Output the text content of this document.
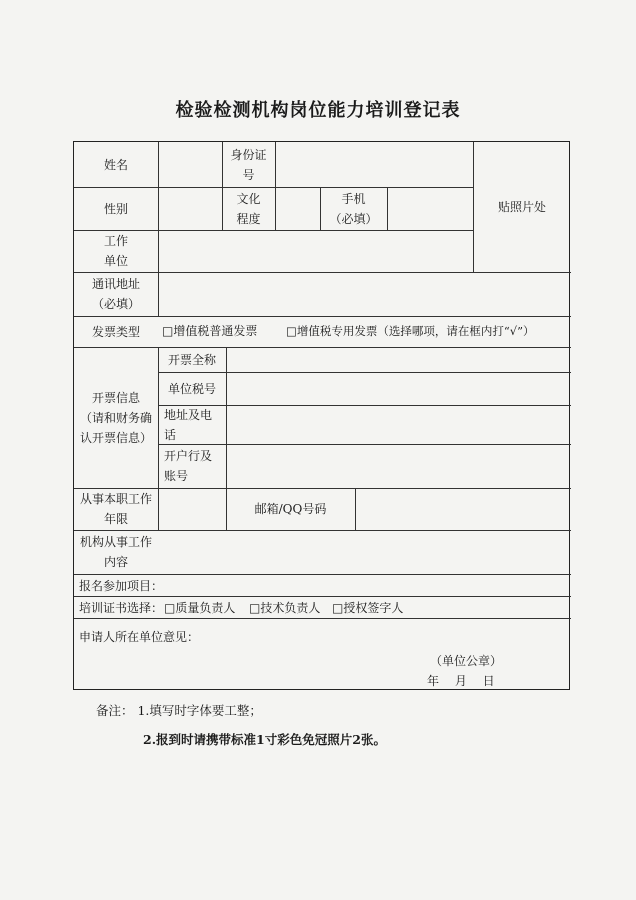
检验检测机构岗位能力培训登记表
姓名
身份证
号
贴照片处
性别
文化
程度
手机
（必填）
工作
单位
通讯地址
（必填）
发票类型	□增值税普通发票 □增值税专用发票（选择哪项，请在框内打“√”）
开票信息
（请和财务确
认开票信息）
开票全称
单位税号
地址及电
话
开户行及
账号
从事本职工作
年限
邮箱/QQ号码
机构从事工作
内容
报名参加项目：
培训证书选择： □质量负责人 □技术负责人 □授权签字人
申请人所在单位意见：
（单位公章）
年　 月　 日
备注： 1.填写时字体要工整；
2.报到时请携带标准1寸彩色免冠照片2张。
